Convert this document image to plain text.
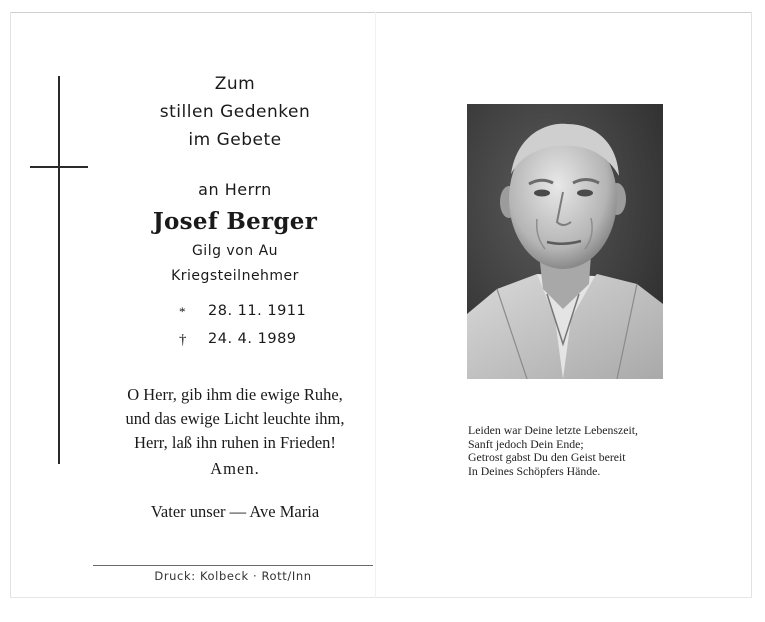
Zum
stillen Gedenken
im Gebete
an Herrn
Josef Berger
Gilg von Au
Kriegsteilnehmer
* 28. 11. 1911
† 24. 4. 1989
O Herr, gib ihm die ewige Ruhe,
und das ewige Licht leuchte ihm,
Herr, laß ihn ruhen in Frieden!
Amen.
Vater unser — Ave Maria
Druck: Kolbeck · Rott/Inn
Leiden war Deine letzte Lebenszeit,
Sanft jedoch Dein Ende;
Getrost gabst Du den Geist bereit
In Deines Schöpfers Hände.
